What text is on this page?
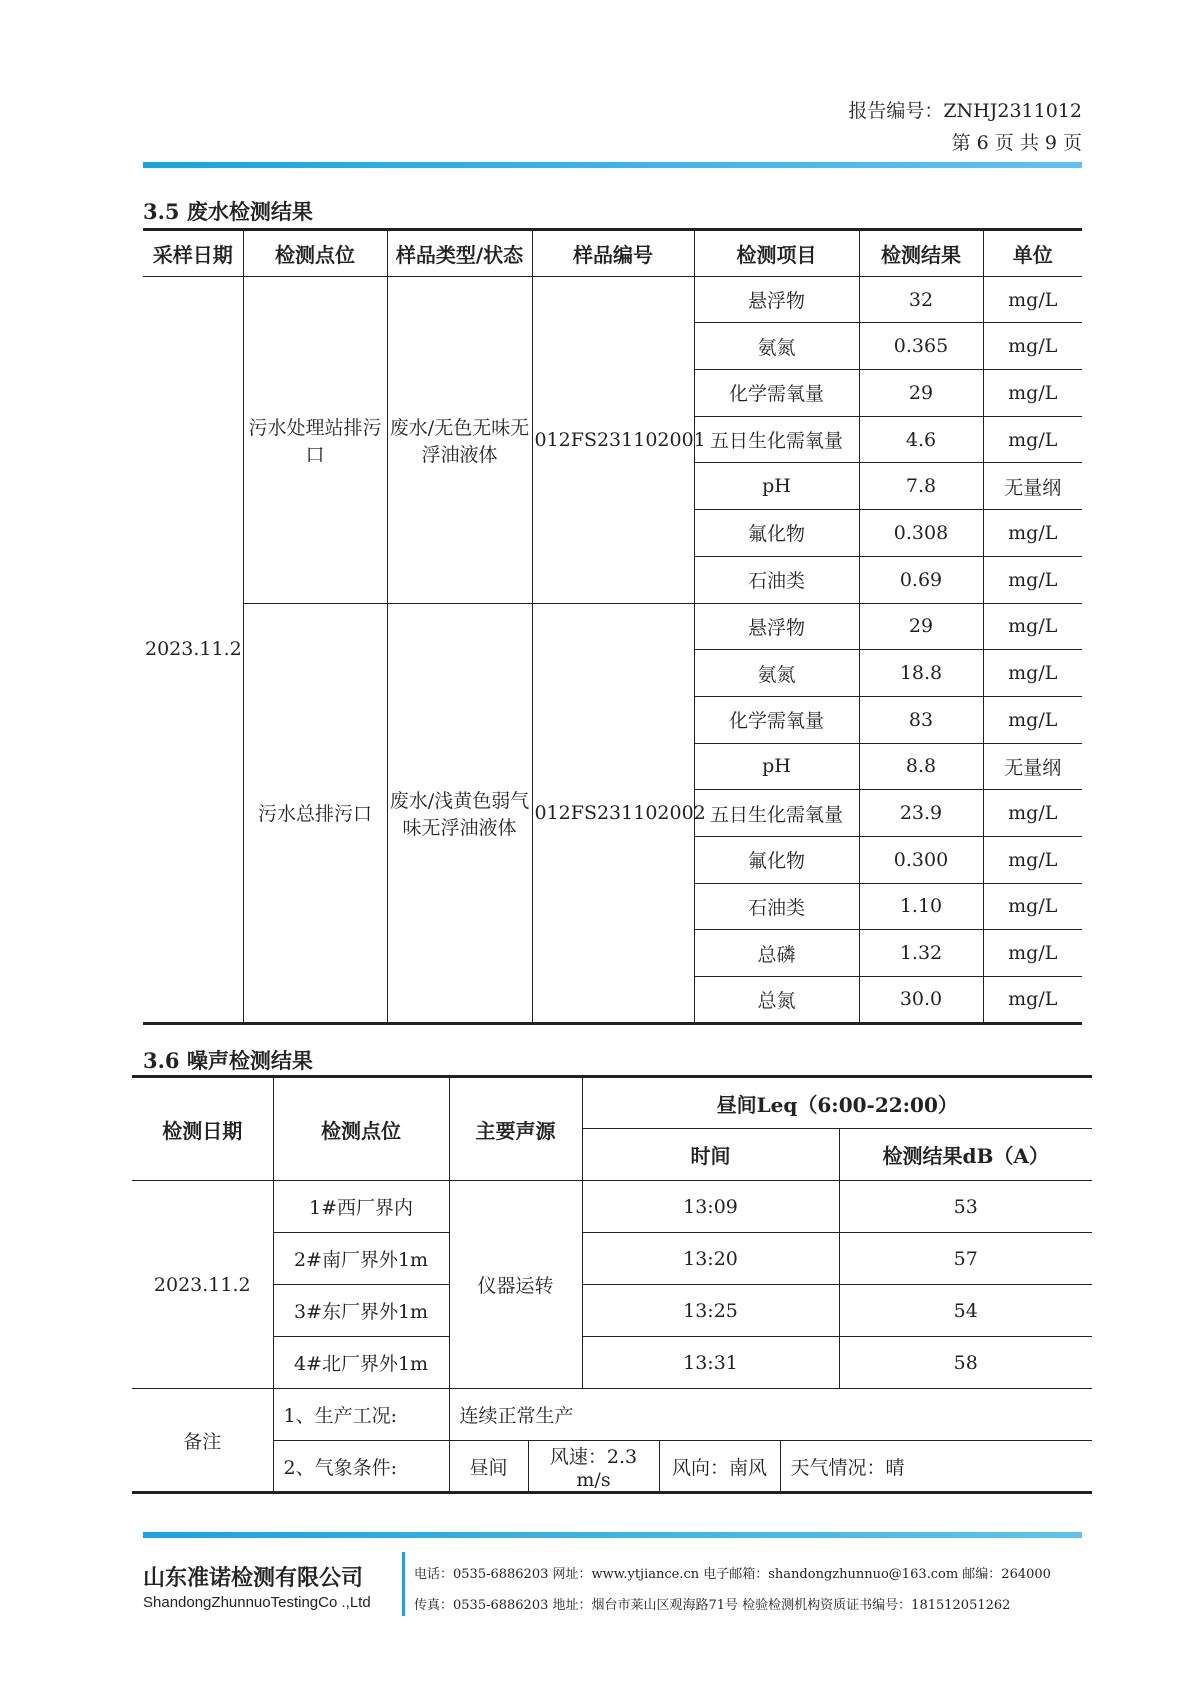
报告编号：ZNHJ2311012
第 6 页 共 9 页
3.5 废水检测结果
采样日期	检测点位	样品类型/状态	样品编号	检测项目	检测结果	单位
2023.11.2	污水处理站排污口	废水/无色无味无浮油液体	012FS231102001	悬浮物	32	mg/L
				氨氮	0.365	mg/L
				化学需氧量	29	mg/L
				五日生化需氧量	4.6	mg/L
				pH	7.8	无量纲
				氟化物	0.308	mg/L
				石油类	0.69	mg/L
	污水总排污口	废水/浅黄色弱气味无浮油液体	012FS231102002	悬浮物	29	mg/L
				氨氮	18.8	mg/L
				化学需氧量	83	mg/L
				pH	8.8	无量纲
				五日生化需氧量	23.9	mg/L
				氟化物	0.300	mg/L
				石油类	1.10	mg/L
				总磷	1.32	mg/L
				总氮	30.0	mg/L
3.6 噪声检测结果
检测日期	检测点位	主要声源		昼间Leq（6:00-22:00）			
				时间			检测结果dB（A）
2023.11.2	1#西厂界内	仪器运转		13:09			53
	2#南厂界外1m			13:20			57
	3#东厂界外1m			13:25			54
	4#北厂界外1m			13:31			58
备注	1、生产工况:	连续正常生产					
	2、气象条件:	昼间	风速：2.3 m/s		风向：南风	天气情况：晴	
山东准诺检测有限公司
ShandongZhunnuoTestingCo .,Ltd
电话：0535-6886203 网址：www.ytjiance.cn 电子邮箱：shandongzhunnuo@163.com 邮编：264000
传真：0535-6886203 地址：烟台市莱山区观海路71号 检验检测机构资质证书编号：181512051262
